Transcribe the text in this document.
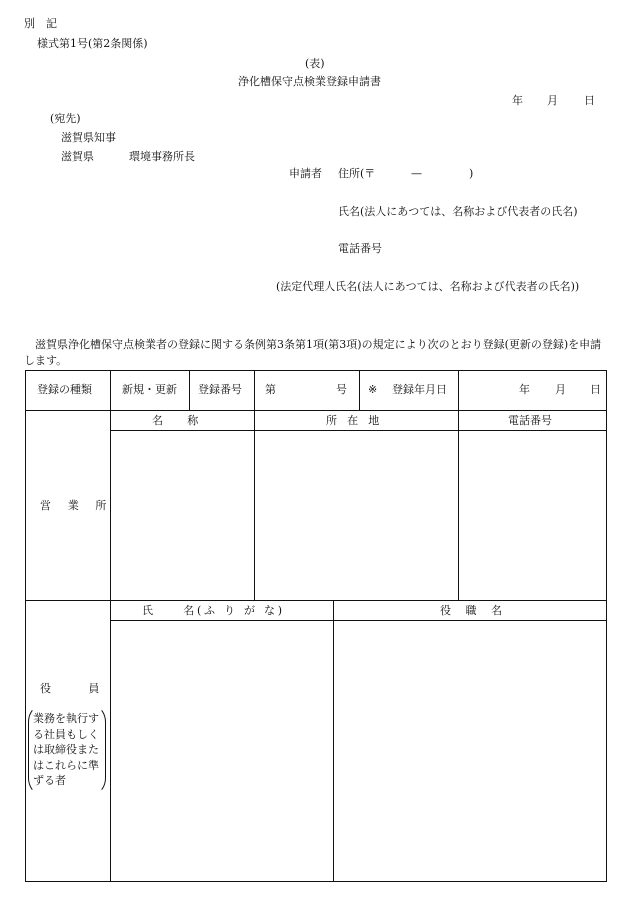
別　記
様式第1号(第2条関係)
(表)
浄化槽保守点検業登録申請書
年 月 日
(宛先)
滋賀県知事
滋賀県	環境事務所長
申請者 住所(〒	—	)
氏名(法人にあつては、名称および代表者の氏名)
電話番号
(法定代理人氏名(法人にあつては、名称および代表者の氏名))
滋賀県浄化槽保守点検業者の登録に関する条例第3条第1項(第3項)の規定により次のとおり登録(更新の登録)を申請します。
登録の種類	新規・更新 登録番号 第	号 ※ 登録年月日	年 月 日
営 業 所
名　称	所 在 地	電話番号
役　員
業務を執行する社員もしくは取締役またはこれらに準ずる者
氏　　名(ふ り が な)	役 職 名
